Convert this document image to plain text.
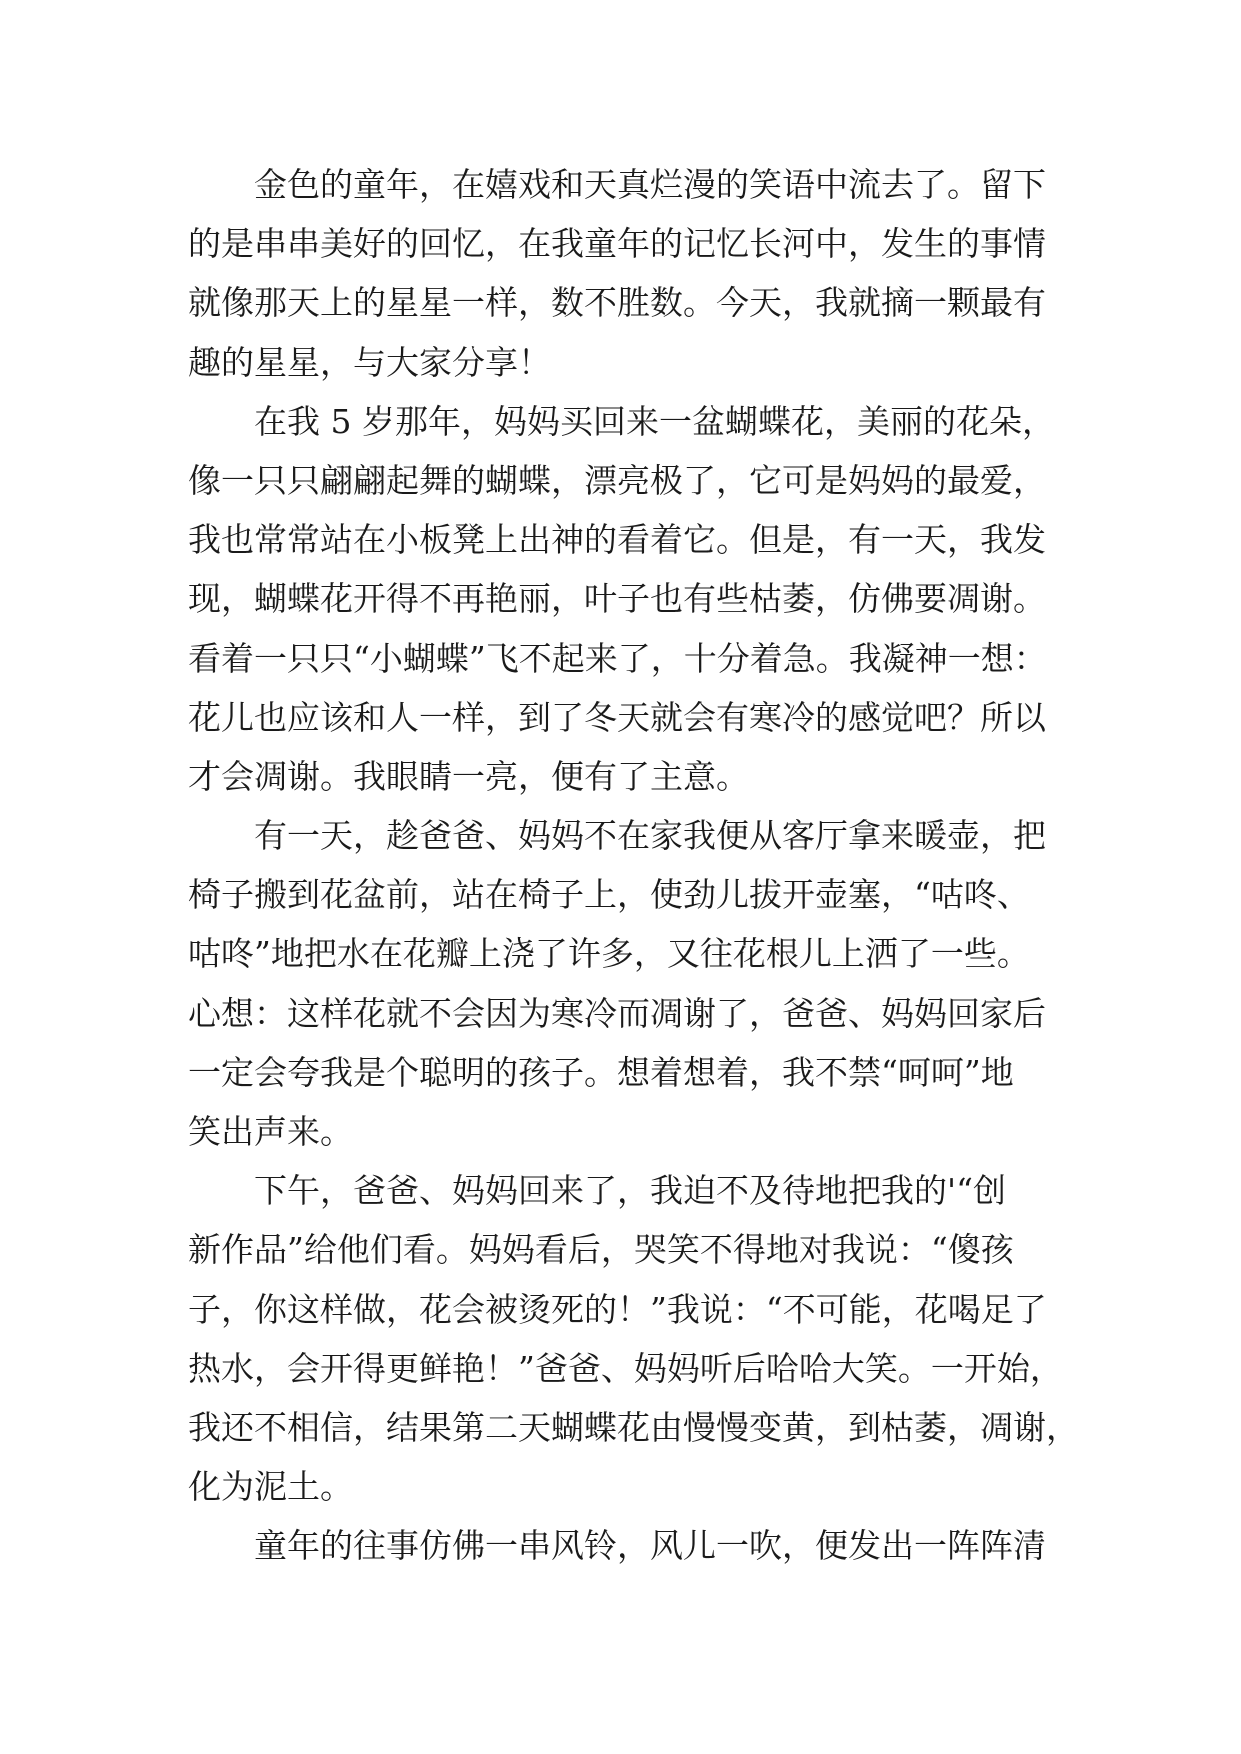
金色的童年，在嬉戏和天真烂漫的笑语中流去了。留下
的是串串美好的回忆，在我童年的记忆长河中，发生的事情
就像那天上的星星一样，数不胜数。今天，我就摘一颗最有
趣的星星，与大家分享！
在我 5 岁那年，妈妈买回来一盆蝴蝶花，美丽的花朵，
像一只只翩翩起舞的蝴蝶，漂亮极了，它可是妈妈的最爱，
我也常常站在小板凳上出神的看着它。但是，有一天，我发
现，蝴蝶花开得不再艳丽，叶子也有些枯萎，仿佛要凋谢。
看着一只只“小蝴蝶”飞不起来了，十分着急。我凝神一想：
花儿也应该和人一样，到了冬天就会有寒冷的感觉吧？所以
才会凋谢。我眼睛一亮，便有了主意。
有一天，趁爸爸、妈妈不在家我便从客厅拿来暖壶，把
椅子搬到花盆前，站在椅子上，使劲儿拔开壶塞，“咕咚、
咕咚”地把水在花瓣上浇了许多，又往花根儿上洒了一些。
心想：这样花就不会因为寒冷而凋谢了，爸爸、妈妈回家后
一定会夸我是个聪明的孩子。想着想着，我不禁“呵呵”地
笑出声来。
下午，爸爸、妈妈回来了，我迫不及待地把我的'“创
新作品”给他们看。妈妈看后，哭笑不得地对我说：“傻孩
子，你这样做，花会被烫死的！”我说：“不可能，花喝足了
热水，会开得更鲜艳！”爸爸、妈妈听后哈哈大笑。一开始，
我还不相信，结果第二天蝴蝶花由慢慢变黄，到枯萎，凋谢，
化为泥土。
童年的往事仿佛一串风铃，风儿一吹，便发出一阵阵清
